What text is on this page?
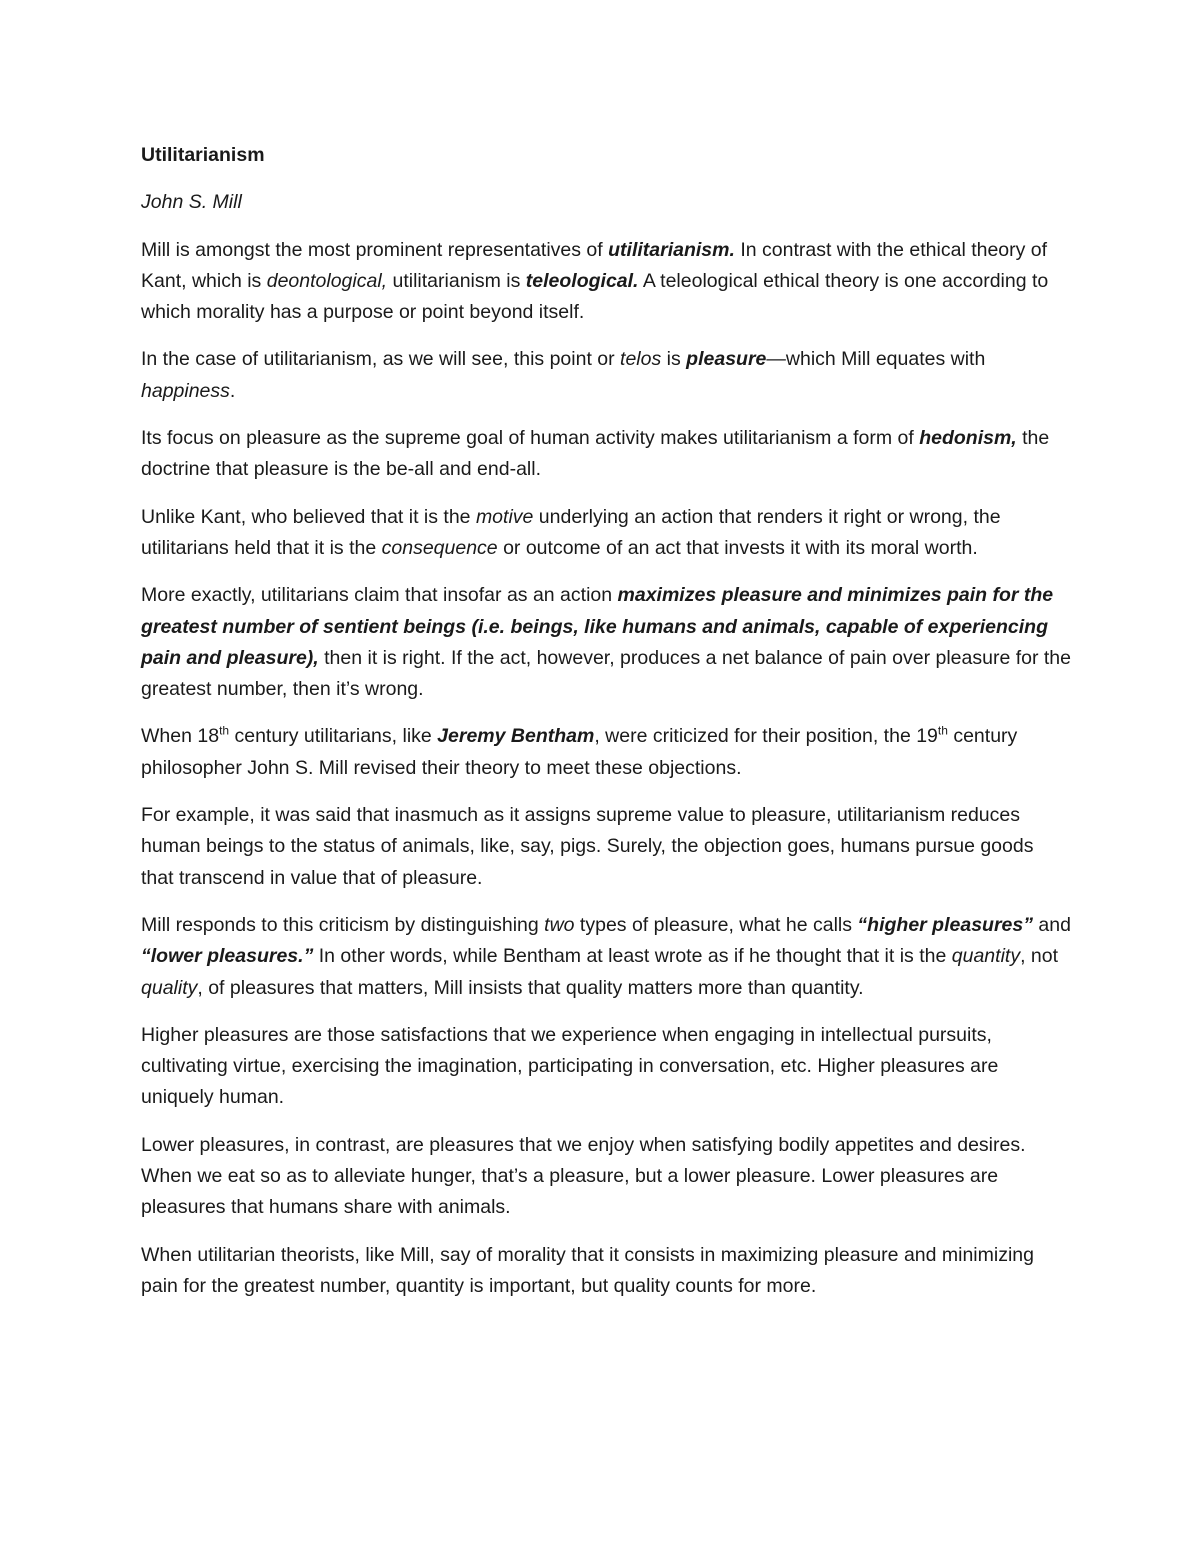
Utilitarianism

John S. Mill

Mill is amongst the most prominent representatives of utilitarianism. In contrast with the ethical theory of Kant, which is deontological, utilitarianism is teleological. A teleological ethical theory is one according to which morality has a purpose or point beyond itself.

In the case of utilitarianism, as we will see, this point or telos is pleasure—which Mill equates with happiness.

Its focus on pleasure as the supreme goal of human activity makes utilitarianism a form of hedonism, the doctrine that pleasure is the be-all and end-all.

Unlike Kant, who believed that it is the motive underlying an action that renders it right or wrong, the utilitarians held that it is the consequence or outcome of an act that invests it with its moral worth.

More exactly, utilitarians claim that insofar as an action maximizes pleasure and minimizes pain for the greatest number of sentient beings (i.e. beings, like humans and animals, capable of experiencing pain and pleasure), then it is right. If the act, however, produces a net balance of pain over pleasure for the greatest number, then it’s wrong.

When 18th century utilitarians, like Jeremy Bentham, were criticized for their position, the 19th century philosopher John S. Mill revised their theory to meet these objections.

For example, it was said that inasmuch as it assigns supreme value to pleasure, utilitarianism reduces human beings to the status of animals, like, say, pigs. Surely, the objection goes, humans pursue goods that transcend in value that of pleasure.

Mill responds to this criticism by distinguishing two types of pleasure, what he calls “higher pleasures” and “lower pleasures.” In other words, while Bentham at least wrote as if he thought that it is the quantity, not quality, of pleasures that matters, Mill insists that quality matters more than quantity.

Higher pleasures are those satisfactions that we experience when engaging in intellectual pursuits, cultivating virtue, exercising the imagination, participating in conversation, etc. Higher pleasures are uniquely human.

Lower pleasures, in contrast, are pleasures that we enjoy when satisfying bodily appetites and desires. When we eat so as to alleviate hunger, that’s a pleasure, but a lower pleasure. Lower pleasures are pleasures that humans share with animals.

When utilitarian theorists, like Mill, say of morality that it consists in maximizing pleasure and minimizing pain for the greatest number, quantity is important, but quality counts for more.
